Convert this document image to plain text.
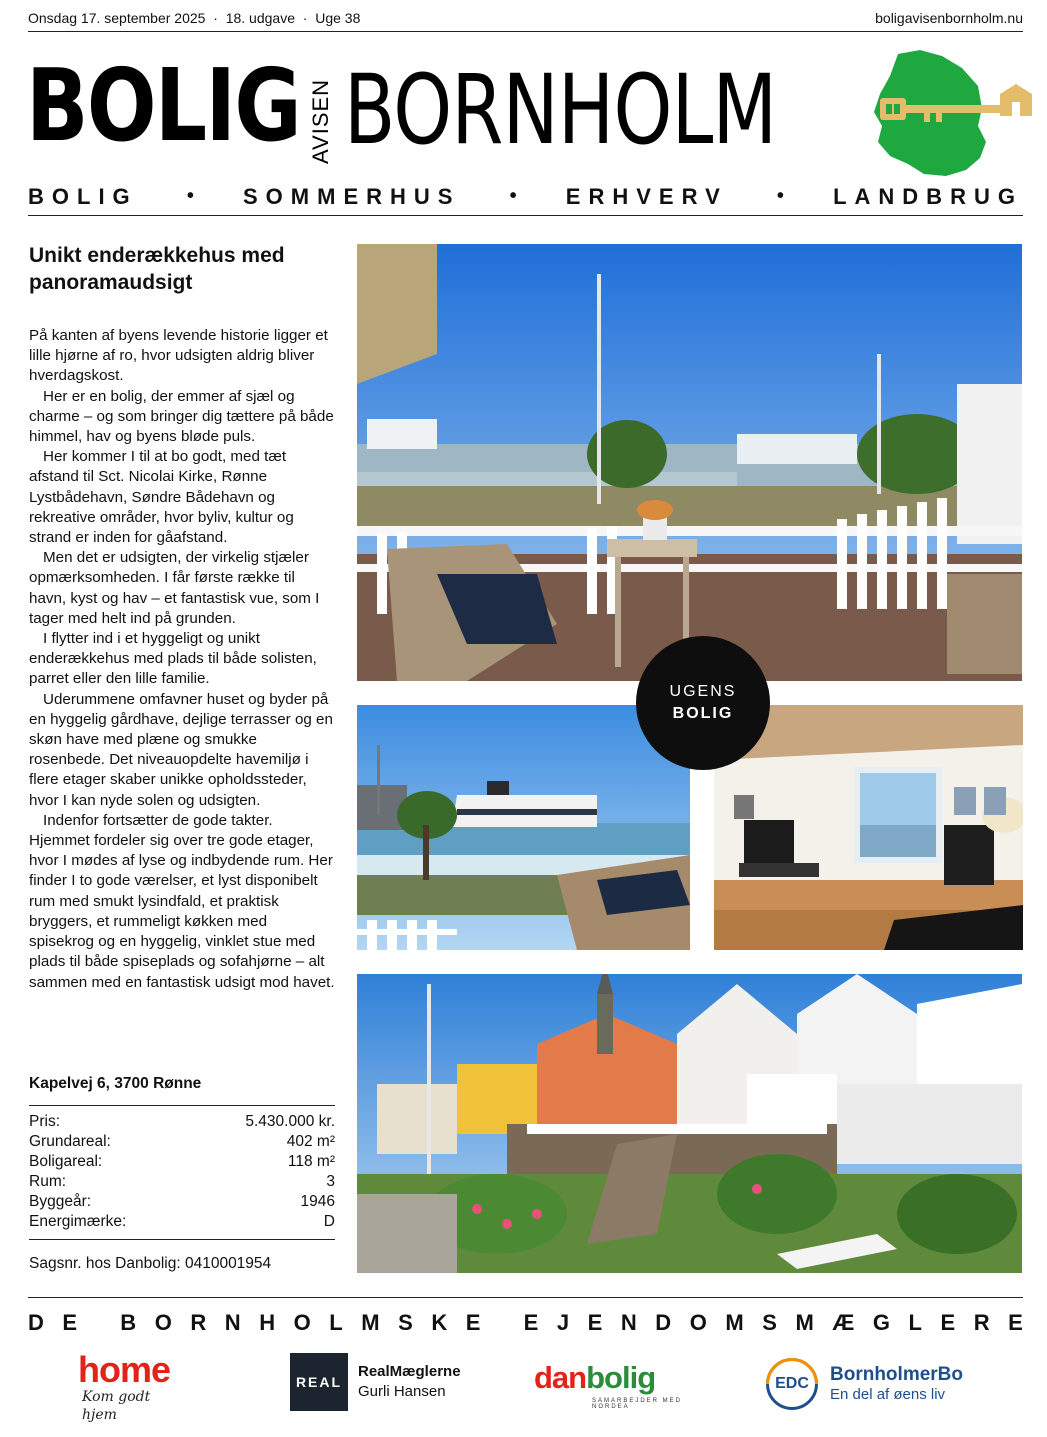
Onsdag 17. september 2025 · 18. udgave · Uge 38	boligavisenbornholm.nu
BOLIG AVISEN BORNHOLM
BOLIG • SOMMERHUS • ERHVERV • LANDBRUG
Unikt enderækkehus med panoramaudsigt

På kanten af byens levende historie ligger et lille hjørne af ro, hvor udsigten aldrig bliver hverdagskost.

Her er en bolig, der emmer af sjæl og charme – og som bringer dig tættere på både himmel, hav og byens bløde puls.

Her kommer I til at bo godt, med tæt afstand til Sct. Nicolai Kirke, Rønne Lystbådehavn, Søndre Bådehavn og rekreative områder, hvor byliv, kultur og strand er inden for gåafstand.

Men det er udsigten, der virkelig stjæler opmærksomheden. I får første række til havn, kyst og hav – et fantastisk vue, som I tager med helt ind på grunden.

I flytter ind i et hyggeligt og unikt enderækkehus med plads til både solisten, parret eller den lille familie.

Uderummene omfavner huset og byder på en hyggelig gårdhave, dejlige terrasser og en skøn have med plæne og smukke rosenbede. Det niveauopdelte havemiljø i flere etager skaber unikke opholdssteder, hvor I kan nyde solen og udsigten.

Indenfor fortsætter de gode takter. Hjemmet fordeler sig over tre gode etager, hvor I mødes af lyse og indbydende rum. Her finder I to gode værelser, et lyst disponibelt rum med smukt lysindfald, et praktisk bryggers, et rummeligt køkken med spisekrog og en hyggelig, vinklet stue med plads til både spiseplads og sofahjørne – alt sammen med en fantastisk udsigt mod havet.

Kapelvej 6, 3700 Rønne
Pris:	5.430.000 kr.
Grundareal:	402 m²
Boligareal:	118 m²
Rum:	3
Byggeår:	1946
Energimærke:	D
Sagsnr. hos Danbolig: 0410001954
UGENS
BOLIG
D E
B O R N H O L M S K E
E J E N D O M S M Æ G L E R E
home
Kom godt hjem
REAL
RealMæglerne
Gurli Hansen	danbolig
SAMARBEJDER MED NORDEA
EDC BornholmerBo
En del af øens liv
